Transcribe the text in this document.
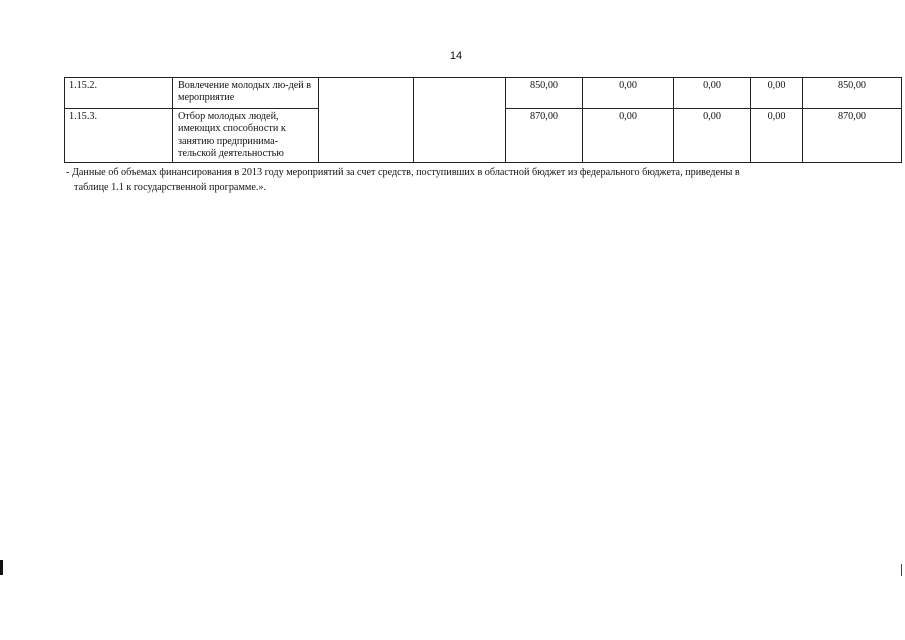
14
1.15.2.	Вовлечение молодых лю-дей в мероприятие			850,00	0,00	0,00	0,00	850,00
1.15.3.	Отбор молодых людей, имеющих способности к занятию предпринима-тельской деятельностью			870,00	0,00	0,00	0,00	870,00
- Данные об объемах финансирования в 2013 году мероприятий за счет средств, поступивших в областной бюджет из федерального бюджета, приведены в
таблице 1.1 к государственной программе.».
